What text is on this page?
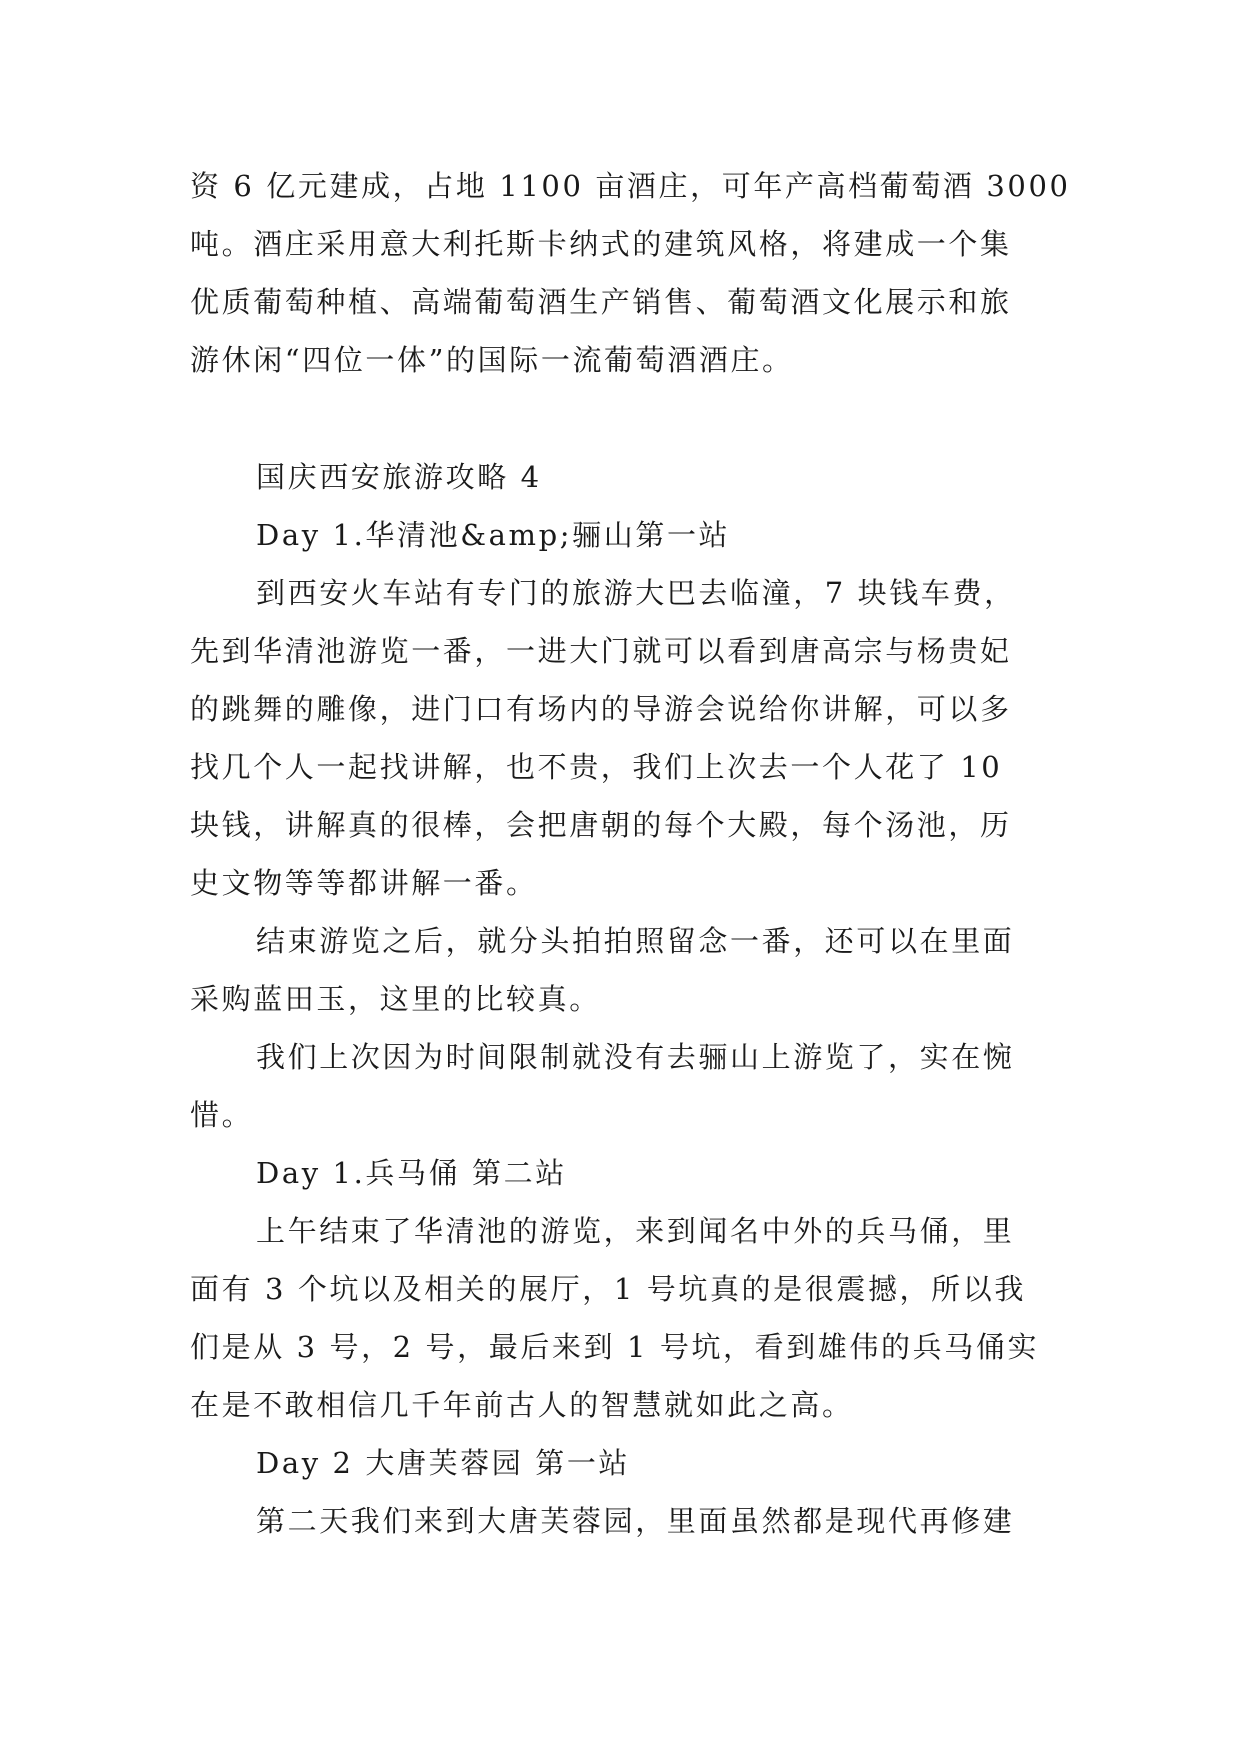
资 6 亿元建成，占地 1100 亩酒庄，可年产高档葡萄酒 3000
吨。酒庄采用意大利托斯卡纳式的建筑风格，将建成一个集
优质葡萄种植、高端葡萄酒生产销售、葡萄酒文化展示和旅
游休闲“四位一体”的国际一流葡萄酒酒庄。
国庆西安旅游攻略 4
Day 1.华清池&amp;骊山第一站
到西安火车站有专门的旅游大巴去临潼，7 块钱车费，
先到华清池游览一番，一进大门就可以看到唐高宗与杨贵妃
的跳舞的雕像，进门口有场内的导游会说给你讲解，可以多
找几个人一起找讲解，也不贵，我们上次去一个人花了 10
块钱，讲解真的很棒，会把唐朝的每个大殿，每个汤池，历
史文物等等都讲解一番。
结束游览之后，就分头拍拍照留念一番，还可以在里面
采购蓝田玉，这里的比较真。
我们上次因为时间限制就没有去骊山上游览了，实在惋
惜。
Day 1.兵马俑 第二站
上午结束了华清池的游览，来到闻名中外的兵马俑，里
面有 3 个坑以及相关的展厅，1 号坑真的是很震撼，所以我
们是从 3 号，2 号，最后来到 1 号坑，看到雄伟的兵马俑实
在是不敢相信几千年前古人的智慧就如此之高。
Day 2 大唐芙蓉园 第一站
第二天我们来到大唐芙蓉园，里面虽然都是现代再修建
